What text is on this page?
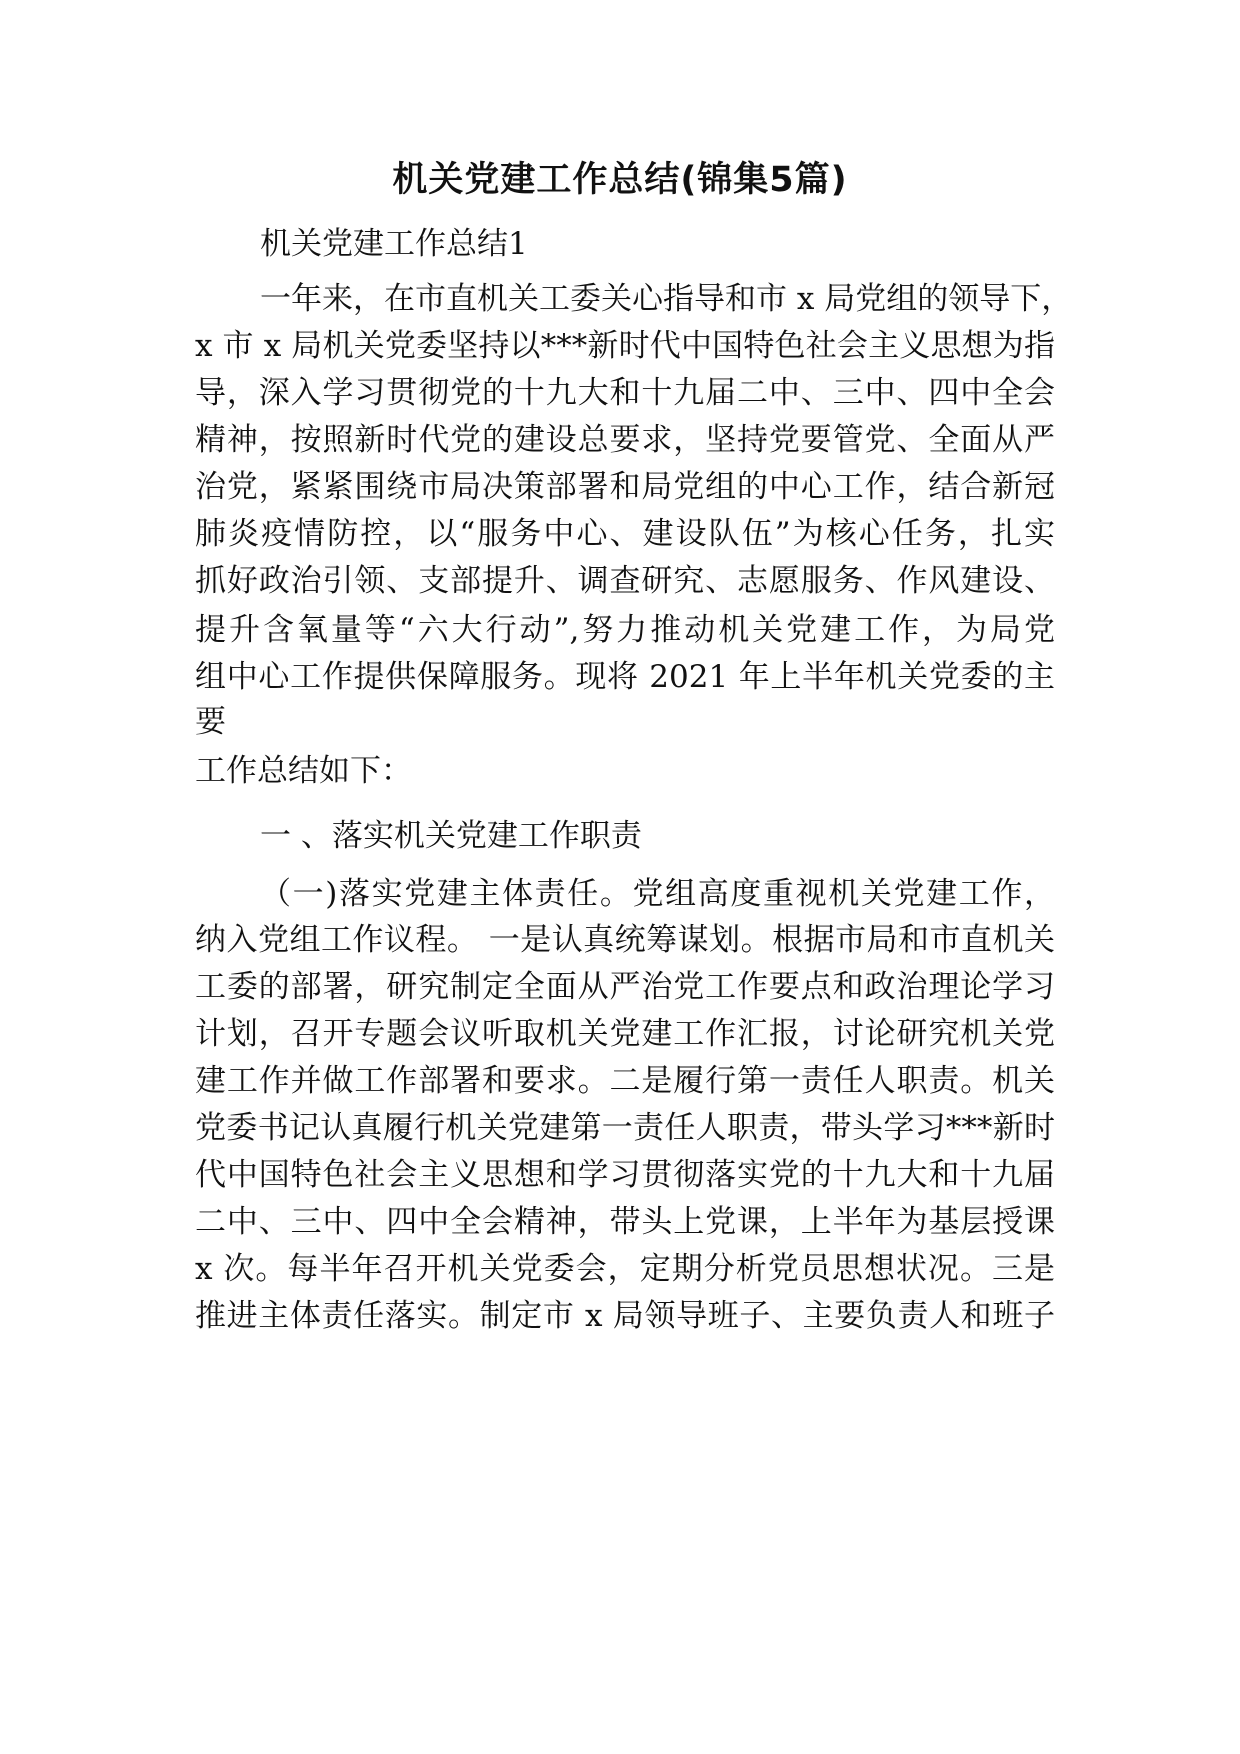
机关党建工作总结(锦集5篇)

机关党建工作总结1

一年来，在市直机关工委关心指导和市 x 局党组的领导下，

x 市 x 局机关党委坚持以***新时代中国特色社会主义思想为指

导，深入学习贯彻党的十九大和十九届二中、三中、四中全会

精神，按照新时代党的建设总要求，坚持党要管党、全面从严

治党，紧紧围绕市局决策部署和局党组的中心工作，结合新冠

肺炎疫情防控，以“服务中心、建设队伍”为核心任务，扎实

抓好政治引领、支部提升、调查研究、志愿服务、作风建设、

提升含氧量等“六大行动”,努力推动机关党建工作，为局党

组中心工作提供保障服务。现将 2021 年上半年机关党委的主

要

工作总结如下：

一 、落实机关党建工作职责

（一)落实党建主体责任。党组高度重视机关党建工作，

纳入党组工作议程。 一是认真统筹谋划。根据市局和市直机关

工委的部署，研究制定全面从严治党工作要点和政治理论学习

计划，召开专题会议听取机关党建工作汇报，讨论研究机关党

建工作并做工作部署和要求。二是履行第一责任人职责。机关

党委书记认真履行机关党建第一责任人职责，带头学习***新时

代中国特色社会主义思想和学习贯彻落实党的十九大和十九届

二中、三中、四中全会精神，带头上党课，上半年为基层授课

x 次。每半年召开机关党委会，定期分析党员思想状况。三是

推进主体责任落实。制定市 x 局领导班子、主要负责人和班子
